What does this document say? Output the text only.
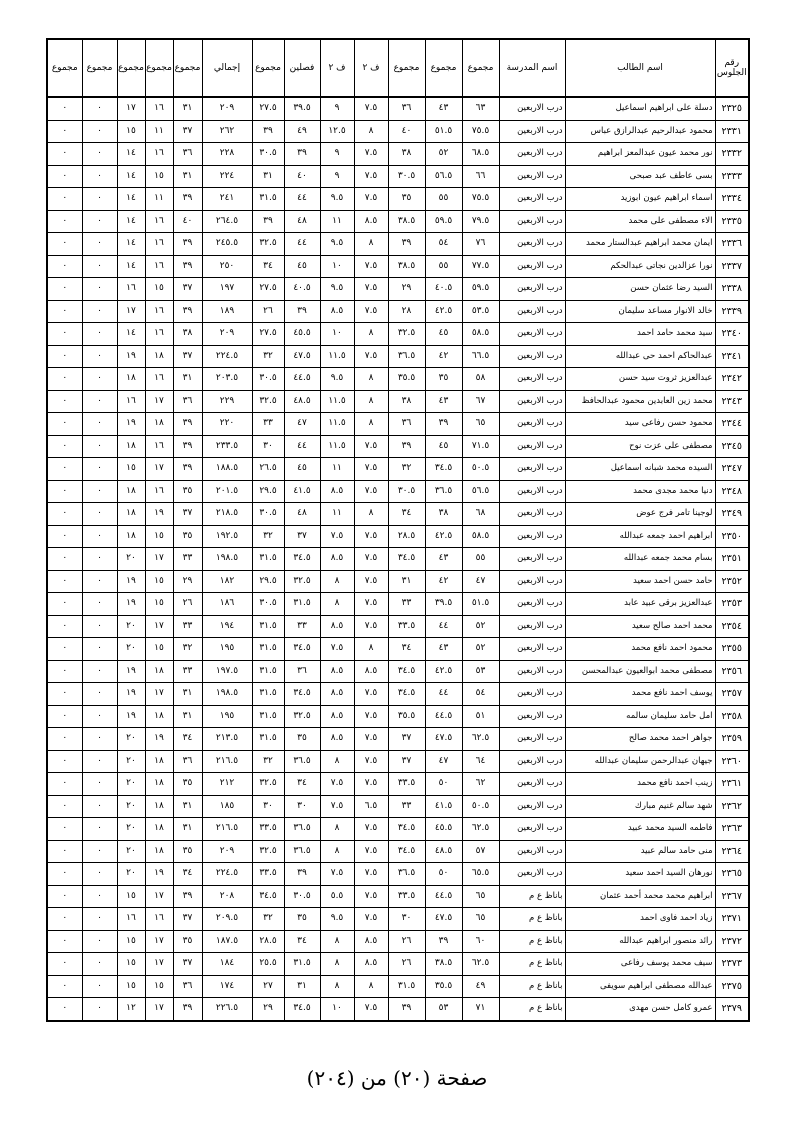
رقم الجلوس	اسم الطالب	اسم المدرسة	مجموع	مجموع	مجموع	ف ٢	ف ٢	فصلين	مجموع	إجمالي	مجموع	مجموع	مجموع	مجموع	مجموع
٢٣٢٥	دسلة على ابراهيم اسماعيل	درب الاربعين	٦٣	٤٣	٣٦	٧.٥	٩	٣٩.٥	٢٧.٥	٢٠٩	٣١	١٦	١٧	٠	٠
٢٣٣١	محمود عبدالرحيم عبدالرازق عباس	درب الاربعين	٧٥.٥	٥١.٥	٤٠	٨	١٢.٥	٤٩	٣٩	٢٦٢	٣٧	١١	١٥	٠	٠
٢٣٣٢	نور محمد عيون عبدالمعز ابراهيم	درب الاربعين	٦٨.٥	٥٢	٣٨	٧.٥	٩	٣٩	٣٠.٥	٢٢٨	٣٦	١٦	١٤	٠	٠
٢٣٣٣	بسى عاطف عبد صبحى	درب الاربعين	٦٦	٥٦.٥	٣٠.٥	٧.٥	٩	٤٠	٣١	٢٢٤	٣١	١٥	١٤	٠	٠
٢٣٣٤	اسماء ابراهيم عيون ابوزيد	درب الاربعين	٧٥.٥	٥٥	٣٥	٧.٥	٩.٥	٤٤	٣١.٥	٢٤١	٣٩	١١	١٤	٠	٠
٢٣٣٥	الاء مصطفى على محمد	درب الاربعين	٧٩.٥	٥٩.٥	٣٨.٥	٨.٥	١١	٤٨	٣٩	٢٦٤.٥	٤٠	١٦	١٤	٠	٠
٢٣٣٦	ايمان محمد ابراهيم عبدالستار محمد	درب الاربعين	٧٦	٥٤	٣٩	٨	٩.٥	٤٤	٣٢.٥	٢٤٥.٥	٣٩	١٦	١٤	٠	٠
٢٣٣٧	نورا عزالدين نجاتى عبدالحكم	درب الاربعين	٧٧.٥	٥٥	٣٨.٥	٧.٥	١٠	٤٥	٣٤	٢٥٠	٣٩	١٦	١٤	٠	٠
٢٣٣٨	السيد رضا عثمان حسن	درب الاربعين	٥٩.٥	٤٠.٥	٢٩	٧.٥	٩.٥	٤٠.٥	٢٧.٥	١٩٧	٣٧	١٥	١٦	٠	٠
٢٣٣٩	خالد الانوار مساعد سليمان	درب الاربعين	٥٣.٥	٤٢.٥	٢٨	٧.٥	٨.٥	٣٩	٢٦	١٨٩	٣٩	١٦	١٧	٠	٠
٢٣٤٠	سيد محمد حامد احمد	درب الاربعين	٥٨.٥	٤٥	٣٢.٥	٨	١٠	٤٥.٥	٢٧.٥	٢٠٩	٣٨	١٦	١٤	٠	٠
٢٣٤١	عبدالحاكم احمد حى عبدالله	درب الاربعين	٦٦.٥	٤٢	٣٦.٥	٧.٥	١١.٥	٤٧.٥	٣٢	٢٢٤.٥	٣٧	١٨	١٩	٠	٠
٢٣٤٢	عبدالعزيز ثروت سيد حسن	درب الاربعين	٥٨	٣٥	٣٥.٥	٨	٩.٥	٤٤.٥	٣٠.٥	٢٠٣.٥	٣١	١٦	١٨	٠	٠
٢٣٤٣	محمد زين العابدين محمود عبدالحافظ	درب الاربعين	٦٧	٤٣	٣٨	٨	١١.٥	٤٨.٥	٣٢.٥	٢٢٩	٣٦	١٧	١٦	٠	٠
٢٣٤٤	محمود حسن رفاعى سيد	درب الاربعين	٦٥	٣٩	٣٦	٨	١١.٥	٤٧	٣٣	٢٢٠	٣٩	١٨	١٩	٠	٠
٢٣٤٥	مصطفى على عزت نوح	درب الاربعين	٧١.٥	٤٥	٣٩	٧.٥	١١.٥	٤٤	٣٠	٢٣٣.٥	٣٩	١٦	١٨	٠	٠
٢٣٤٧	السيده محمد شبانه اسماعيل	درب الاربعين	٥٠.٥	٣٤.٥	٣٢	٧.٥	١١	٤٥	٢٦.٥	١٨٨.٥	٣٩	١٧	١٥	٠	٠
٢٣٤٨	دنيا محمد مجدى محمد	درب الاربعين	٥٦.٥	٣٦.٥	٣٠.٥	٧.٥	٨.٥	٤١.٥	٢٩.٥	٢٠١.٥	٣٥	١٦	١٨	٠	٠
٢٣٤٩	لوجينا تامر فرج عوض	درب الاربعين	٦٨	٣٨	٣٤	٨	١١	٤٨	٣٠.٥	٢١٨.٥	٣٧	١٩	١٨	٠	٠
٢٣٥٠	ابراهيم احمد جمعه عبدالله	درب الاربعين	٥٨.٥	٤٢.٥	٢٨.٥	٧.٥	٧.٥	٣٧	٣٢	١٩٢.٥	٣٥	١٥	١٨	٠	٠
٢٣٥١	بسام محمد جمعه عبدالله	درب الاربعين	٥٥	٤٣	٣٤.٥	٧.٥	٨.٥	٣٤.٥	٣١.٥	١٩٨.٥	٣٣	١٧	٢٠	٠	٠
٢٣٥٢	حامد حسن احمد سعيد	درب الاربعين	٤٧	٤٢	٣١	٧.٥	٨	٣٢.٥	٢٩.٥	١٨٢	٢٩	١٥	١٩	٠	٠
٢٣٥٣	عبدالعزيز برقى عبيد عابد	درب الاربعين	٥١.٥	٣٩.٥	٣٣	٧.٥	٨	٣١.٥	٣٠.٥	١٨٦	٢٦	١٥	١٩	٠	٠
٢٣٥٤	محمد احمد صالح سعيد	درب الاربعين	٥٢	٤٤	٣٣.٥	٧.٥	٨.٥	٣٣	٣١.٥	١٩٤	٣٣	١٧	٢٠	٠	٠
٢٣٥٥	محمود احمد نافع محمد	درب الاربعين	٥٢	٤٣	٣٤	٨	٧.٥	٣٤.٥	٣١.٥	١٩٥	٣٢	١٥	٢٠	٠	٠
٢٣٥٦	مصطفى محمد ابوالعيون عبدالمحسن	درب الاربعين	٥٣	٤٢.٥	٣٤.٥	٨.٥	٨.٥	٣٦	٣١.٥	١٩٧.٥	٣٣	١٨	١٩	٠	٠
٢٣٥٧	يوسف احمد نافع محمد	درب الاربعين	٥٤	٤٤	٣٤.٥	٧.٥	٨.٥	٣٤.٥	٣١.٥	١٩٨.٥	٣١	١٧	١٩	٠	٠
٢٣٥٨	امل حامد سليمان سالمه	درب الاربعين	٥١	٤٤.٥	٣٥.٥	٧.٥	٨.٥	٣٢.٥	٣١.٥	١٩٥	٣١	١٨	١٩	٠	٠
٢٣٥٩	جواهر احمد محمد صالح	درب الاربعين	٦٢.٥	٤٧.٥	٣٧	٧.٥	٨.٥	٣٥	٣١.٥	٢١٣.٥	٣٤	١٩	٢٠	٠	٠
٢٣٦٠	جيهان عبدالرحمن سليمان عبدالله	درب الاربعين	٦٤	٤٧	٣٧	٧.٥	٨	٣٦.٥	٣٢	٢١٦.٥	٣٦	١٨	٢٠	٠	٠
٢٣٦١	زينب احمد نافع محمد	درب الاربعين	٦٢	٥٠	٣٣.٥	٧.٥	٧.٥	٣٤	٣٢.٥	٢١٢	٣٥	١٨	٢٠	٠	٠
٢٣٦٢	شهد سالم غنيم مبارك	درب الاربعين	٥٠.٥	٤١.٥	٣٣	٦.٥	٧.٥	٣٠	٣٠	١٨٥	٣١	١٨	٢٠	٠	٠
٢٣٦٣	فاطمه السيد محمد عبيد	درب الاربعين	٦٢.٥	٤٥.٥	٣٤.٥	٧.٥	٨	٣٦.٥	٣٣.٥	٢١٦.٥	٣١	١٨	٢٠	٠	٠
٢٣٦٤	منى حامد سالم عبيد	درب الاربعين	٥٧	٤٨.٥	٣٤.٥	٧.٥	٨	٣٦.٥	٣٢.٥	٢٠٩	٣٥	١٨	٢٠	٠	٠
٢٣٦٥	نورهان السيد احمد سعيد	درب الاربعين	٦٥.٥	٥٠	٣٦.٥	٧.٥	٧.٥	٣٩	٣٣.٥	٢٢٤.٥	٣٤	١٩	٢٠	٠	٠
٢٣٦٧	ابراهيم محمد محمد أحمد عثمان	باناظ ع م	٦٥	٤٤.٥	٣٣.٥	٧.٥	٥.٥	٣٠.٥	٣٤.٥	٢٠٨	٣٩	١٧	١٥	٠	٠
٢٣٧١	زياد احمد فاوى احمد	باناظ ع م	٦٥	٤٧.٥	٣٠	٧.٥	٩.٥	٣٥	٣٢	٢٠٩.٥	٣٧	١٦	١٦	٠	٠
٢٣٧٢	رائد منصور ابراهيم عبدالله	باناظ ع م	٦٠	٣٩	٢٦	٨.٥	٨	٣٤	٢٨.٥	١٨٧.٥	٣٥	١٧	١٥	٠	٠
٢٣٧٣	سيف محمد يوسف رفاعى	باناظ ع م	٦٢.٥	٣٨.٥	٢٦	٨.٥	٨	٣١.٥	٢٥.٥	١٨٤	٣٧	١٧	١٥	٠	٠
٢٣٧٥	عبدالله مصطفى ابراهيم سويفى	باناظ ع م	٤٩	٣٥.٥	٣١.٥	٨	٨	٣١	٢٧	١٧٤	٣٦	١٥	١٥	٠	٠
٢٣٧٩	عمرو كامل حسن مهدى	باناظ ع م	٧١	٥٣	٣٩	٧.٥	١٠	٣٤.٥	٢٩	٢٢٦.٥	٣٩	١٧	١٢	٠	٠
صفحة (٢٠) من (٢٠٤)
